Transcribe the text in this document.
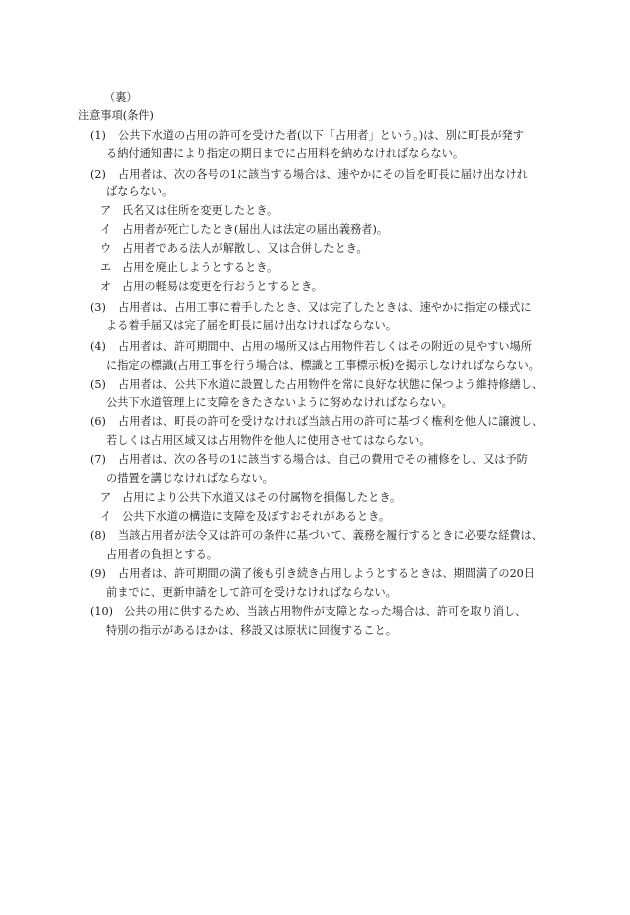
（裏）
注意事項(条件)
(1) 公共下水道の占用の許可を受けた者(以下「占用者」という。)は、別に町長が発す
る納付通知書により指定の期日までに占用料を納めなければならない。
(2) 占用者は、次の各号の1に該当する場合は、速やかにその旨を町長に届け出なけれ
ばならない。
ア 氏名又は住所を変更したとき。
イ 占用者が死亡したとき(届出人は法定の届出義務者)。
ウ 占用者である法人が解散し、又は合併したとき。
エ 占用を廃止しようとするとき。
オ 占用の軽易は変更を行おうとするとき。
(3) 占用者は、占用工事に着手したとき、又は完了したときは、速やかに指定の様式に
よる着手届又は完了届を町長に届け出なければならない。
(4) 占用者は、許可期間中、占用の場所又は占用物件若しくはその附近の見やすい場所
に指定の標識(占用工事を行う場合は、標識と工事標示板)を掲示しなければならない。
(5) 占用者は、公共下水道に設置した占用物件を常に良好な状態に保つよう維持修繕し、
公共下水道管理上に支障をきたさないように努めなければならない。
(6) 占用者は、町長の許可を受けなければ当該占用の許可に基づく権利を他人に譲渡し、
若しくは占用区域又は占用物件を他人に使用させてはならない。
(7) 占用者は、次の各号の1に該当する場合は、自己の費用でその補修をし、又は予防
の措置を講じなければならない。
ア 占用により公共下水道又はその付属物を損傷したとき。
イ 公共下水道の構造に支障を及ぼすおそれがあるとき。
(8) 当該占用者が法令又は許可の条件に基づいて、義務を履行するときに必要な経費は、
占用者の負担とする。
(9) 占用者は、許可期間の満了後も引き続き占用しようとするときは、期間満了の20日
前までに、更新申請をして許可を受けなければならない。
(10) 公共の用に供するため、当該占用物件が支障となった場合は、許可を取り消し、
特別の指示があるほかは、移設又は原状に回復すること。
